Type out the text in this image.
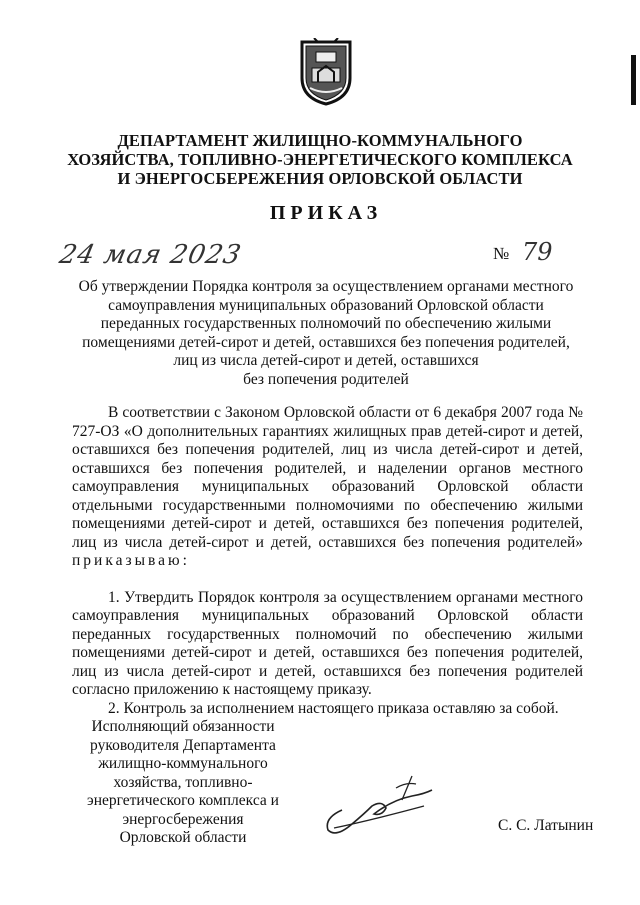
ДЕПАРТАМЕНТ ЖИЛИЩНО-КОММУНАЛЬНОГО
ХОЗЯЙСТВА, ТОПЛИВНО-ЭНЕРГЕТИЧЕСКОГО КОМПЛЕКСА
И ЭНЕРГОСБЕРЕЖЕНИЯ ОРЛОВСКОЙ ОБЛАСТИ
ПРИКАЗ
24 мая 2023	№ 79
Об утверждении Порядка контроля за осуществлением органами местного
самоуправления муниципальных образований Орловской области
переданных государственных полномочий по обеспечению жилыми
помещениями детей-сирот и детей, оставшихся без попечения родителей,
лиц из числа детей-сирот и детей, оставшихся
без попечения родителей

В соответствии с Законом Орловской области от 6 декабря 2007 года № 727-ОЗ «О дополнительных гарантиях жилищных прав детей-сирот и детей, оставшихся без попечения родителей, лиц из числа детей-сирот и детей, оставшихся без попечения родителей, и наделении органов местного самоуправления муниципальных образований Орловской области отдельными государственными полномочиями по обеспечению жилыми помещениями детей-сирот и детей, оставшихся без попечения родителей, лиц из числа детей-сирот и детей, оставшихся без попечения родителей» приказываю:

1. Утвердить Порядок контроля за осуществлением органами местного самоуправления муниципальных образований Орловской области переданных государственных полномочий по обеспечению жилыми помещениями детей-сирот и детей, оставшихся без попечения родителей, лиц из числа детей-сирот и детей, оставшихся без попечения родителей согласно приложению к настоящему приказу.

2. Контроль за исполнением настоящего приказа оставляю за собой.

Исполняющий обязанности
руководителя Департамента
жилищно-коммунального
хозяйства, топливно-
энергетического комплекса и
энергосбережения
Орловской области
С. С. Латынин
